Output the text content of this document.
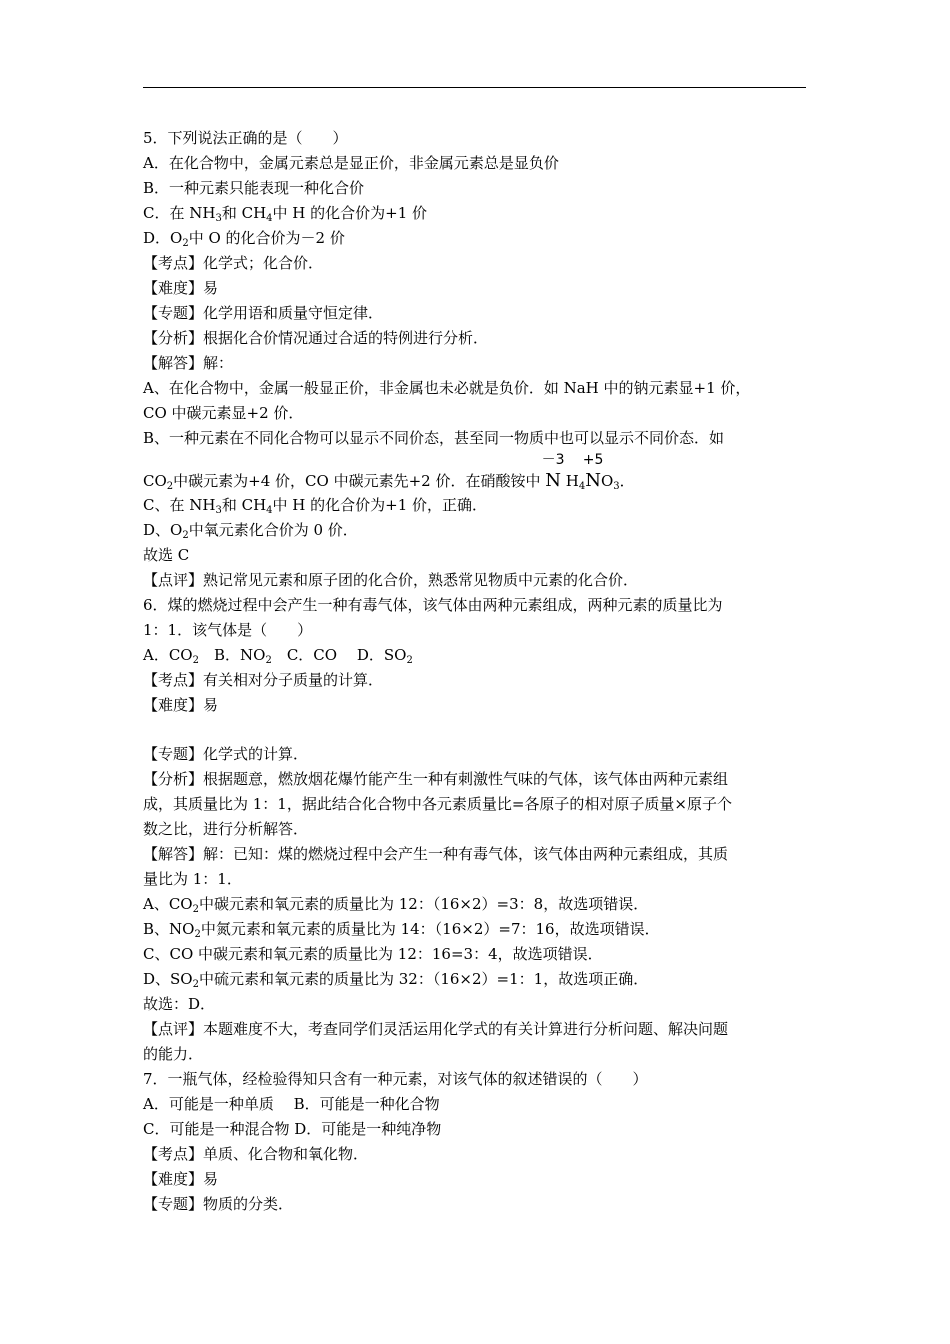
5．下列说法正确的是（　　）
A．在化合物中，金属元素总是显正价，非金属元素总是显负价
B．一种元素只能表现一种化合价
C．在 $NH_3$和 $CH_4$中 H 的化合价为+1 价
D．$O_2$中 O 的化合价为－2 价
【考点】化学式；化合价．
【难度】易
【专题】化学用语和质量守恒定律．
【分析】根据化合价情况通过合适的特例进行分析．
【解答】解：
A、在化合物中，金属一般显正价，非金属也未必就是负价．如 NaH 中的钠元素显+1 价，
CO 中碳元素显+2 价．
B、一种元素在不同化合物可以显示不同价态，甚至同一物质中也可以显示不同价态．如
$CO_2$中碳元素为+4 价，CO 中碳元素先+2 价．在硝酸铵中 N
－3
$H_4N$
+5
$O_3$．
C、在 $NH_3$和 $CH_4$中 H 的化合价为+1 价，正确．
D、$O_2$中氧元素化合价为 0 价．
故选 C
【点评】熟记常见元素和原子团的化合价，熟悉常见物质中元素的化合价．
6．煤的燃烧过程中会产生一种有毒气体，该气体由两种元素组成，两种元素的质量比为
1：1．该气体是（　　）
A．$CO_2$　B．$NO_2$　C．CO　 D．$SO_2$
【考点】有关相对分子质量的计算．
【难度】易
【专题】化学式的计算．
【分析】根据题意，燃放烟花爆竹能产生一种有刺激性气味的气体，该气体由两种元素组
成，其质量比为 1：1，据此结合化合物中各元素质量比=各原子的相对原子质量×原子个
数之比，进行分析解答．
【解答】解：已知：煤的燃烧过程中会产生一种有毒气体，该气体由两种元素组成，其质
量比为 1：1．
A、$CO_2$中碳元素和氧元素的质量比为 12：（16×2）=3：8，故选项错误．
B、$NO_2$中氮元素和氧元素的质量比为 14：（16×2）=7：16，故选项错误．
C、CO 中碳元素和氧元素的质量比为 12：16=3：4，故选项错误．
D、$SO_2$中硫元素和氧元素的质量比为 32：（16×2）=1：1，故选项正确．
故选：D．
【点评】本题难度不大，考查同学们灵活运用化学式的有关计算进行分析问题、解决问题
的能力．
7．一瓶气体，经检验得知只含有一种元素，对该气体的叙述错误的（　　）
A．可能是一种单质　 B．可能是一种化合物
C．可能是一种混合物 D．可能是一种纯净物
【考点】单质、化合物和氧化物．
【难度】易
【专题】物质的分类．
